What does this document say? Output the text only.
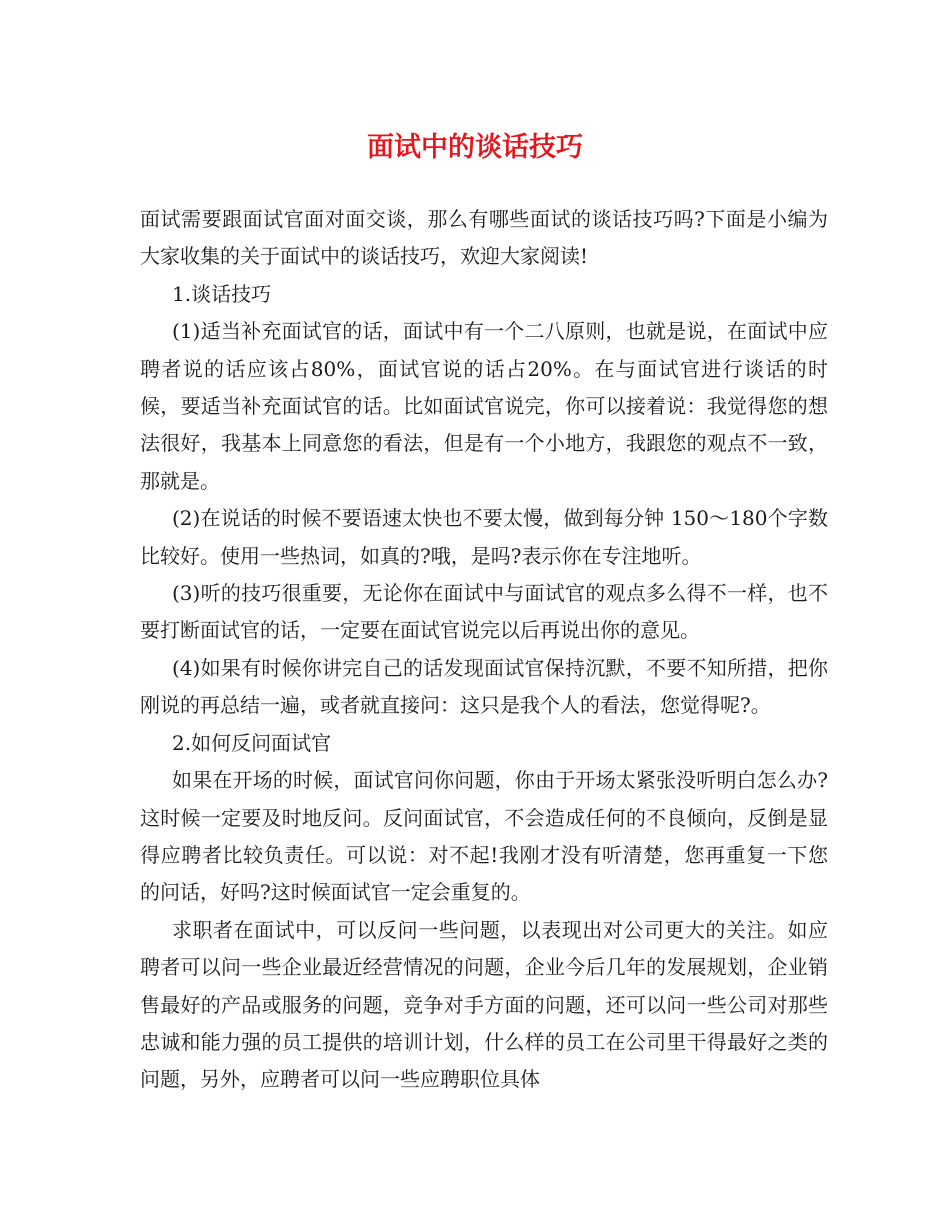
面试中的谈话技巧

面试需要跟面试官面对面交谈，那么有哪些面试的谈话技巧吗?下面是小编为大家收集的关于面试中的谈话技巧，欢迎大家阅读!

1.谈话技巧

(1)适当补充面试官的话，面试中有一个二八原则，也就是说，在面试中应聘者说的话应该占80%，面试官说的话占20%。在与面试官进行谈话的时候，要适当补充面试官的话。比如面试官说完，你可以接着说：我觉得您的想法很好，我基本上同意您的看法，但是有一个小地方，我跟您的观点不一致，那就是。

(2)在说话的时候不要语速太快也不要太慢，做到每分钟 150～180个字数比较好。使用一些热词，如真的?哦，是吗?表示你在专注地听。

(3)听的技巧很重要，无论你在面试中与面试官的观点多么得不一样，也不要打断面试官的话，一定要在面试官说完以后再说出你的意见。

(4)如果有时候你讲完自己的话发现面试官保持沉默，不要不知所措，把你刚说的再总结一遍，或者就直接问：这只是我个人的看法，您觉得呢?。

2.如何反问面试官

如果在开场的时候，面试官问你问题，你由于开场太紧张没听明白怎么办?这时候一定要及时地反问。反问面试官，不会造成任何的不良倾向，反倒是显得应聘者比较负责任。可以说：对不起!我刚才没有听清楚，您再重复一下您的问话，好吗?这时候面试官一定会重复的。

求职者在面试中，可以反问一些问题，以表现出对公司更大的关注。如应聘者可以问一些企业最近经营情况的问题，企业今后几年的发展规划，企业销售最好的产品或服务的问题，竞争对手方面的问题，还可以问一些公司对那些忠诚和能力强的员工提供的培训计划，什么样的员工在公司里干得最好之类的问题，另外，应聘者可以问一些应聘职位具体
